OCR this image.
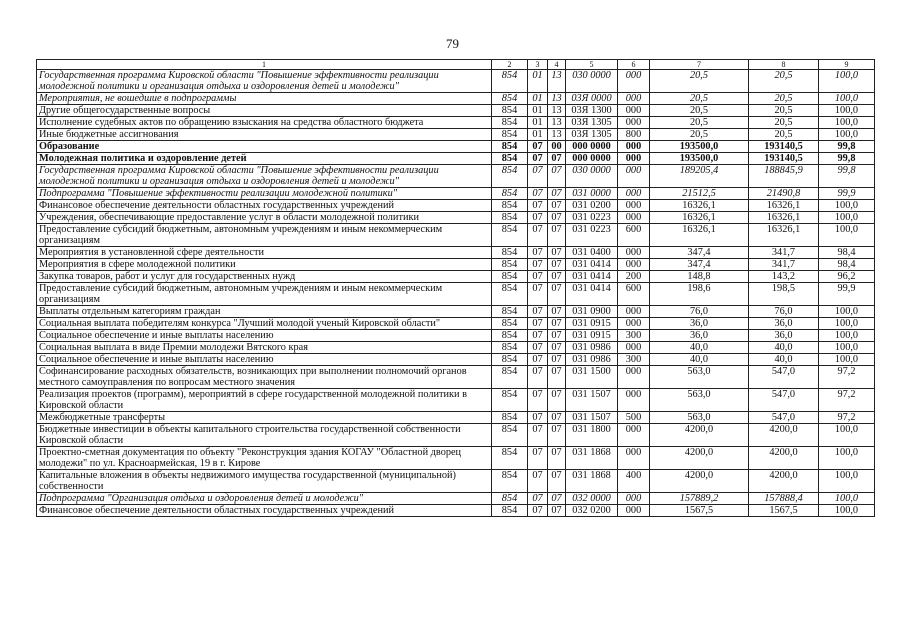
79
1	2	3	4	5	6	7	8	9
Государственная программа Кировской области "Повышение эффективности реализации молодежной политики и организация отдыха и оздоровления детей и молодежи"	854	01	13	030 0000	000	20,5	20,5	100,0
Мероприятия, не вошедшие в подпрограммы	854	01	13	03Я 0000	000	20,5	20,5	100,0
Другие общегосударственные вопросы	854	01	13	03Я 1300	000	20,5	20,5	100,0
Исполнение судебных актов по обращению взыскания на средства областного бюджета	854	01	13	03Я 1305	000	20,5	20,5	100,0
Иные бюджетные ассигнования	854	01	13	03Я 1305	800	20,5	20,5	100,0
Образование	854	07	00	000 0000	000	193500,0	193140,5	99,8
Молодежная политика и оздоровление детей	854	07	07	000 0000	000	193500,0	193140,5	99,8
Государственная программа Кировской области "Повышение эффективности реализации молодежной политики и организация отдыха и оздоровления детей и молодежи"	854	07	07	030 0000	000	189205,4	188845,9	99,8
Подпрограмма "Повышение эффективности реализации молодежной политики"	854	07	07	031 0000	000	21512,5	21490,8	99,9
Финансовое обеспечение деятельности областных государственных учреждений	854	07	07	031 0200	000	16326,1	16326,1	100,0
Учреждения, обеспечивающие предоставление услуг в области молодежной политики	854	07	07	031 0223	000	16326,1	16326,1	100,0
Предоставление субсидий бюджетным, автономным учреждениям и иным некоммерческим организациям	854	07	07	031 0223	600	16326,1	16326,1	100,0
Мероприятия в установленной сфере деятельности	854	07	07	031 0400	000	347,4	341,7	98,4
Мероприятия в сфере молодежной политики	854	07	07	031 0414	000	347,4	341,7	98,4
Закупка товаров, работ и услуг для государственных нужд	854	07	07	031 0414	200	148,8	143,2	96,2
Предоставление субсидий бюджетным, автономным учреждениям и иным некоммерческим организациям	854	07	07	031 0414	600	198,6	198,5	99,9
Выплаты отдельным категориям граждан	854	07	07	031 0900	000	76,0	76,0	100,0
Социальная выплата победителям конкурса "Лучший молодой ученый Кировской области"	854	07	07	031 0915	000	36,0	36,0	100,0
Социальное обеспечение и иные выплаты населению	854	07	07	031 0915	300	36,0	36,0	100,0
Социальная выплата в виде Премии молодежи Вятского края	854	07	07	031 0986	000	40,0	40,0	100,0
Социальное обеспечение и иные выплаты населению	854	07	07	031 0986	300	40,0	40,0	100,0
Софинансирование расходных обязательств, возникающих при выполнении полномочий органов местного самоуправления по вопросам местного значения	854	07	07	031 1500	000	563,0	547,0	97,2
Реализация проектов (программ), мероприятий в сфере государственной молодежной политики в Кировской области	854	07	07	031 1507	000	563,0	547,0	97,2
Межбюджетные трансферты	854	07	07	031 1507	500	563,0	547,0	97,2
Бюджетные инвестиции в объекты капитального строительства государственной собственности Кировской области	854	07	07	031 1800	000	4200,0	4200,0	100,0
Проектно-сметная документация по объекту "Реконструкция здания КОГАУ "Областной дворец молодежи" по ул. Красноармейская, 19 в г. Кирове	854	07	07	031 1868	000	4200,0	4200,0	100,0
Капитальные вложения в объекты недвижимого имущества государственной (муниципальной) собственности	854	07	07	031 1868	400	4200,0	4200,0	100,0
Подпрограмма "Организация отдыха и оздоровления детей и молодежи"	854	07	07	032 0000	000	157889,2	157888,4	100,0
Финансовое обеспечение деятельности областных государственных учреждений	854	07	07	032 0200	000	1567,5	1567,5	100,0
